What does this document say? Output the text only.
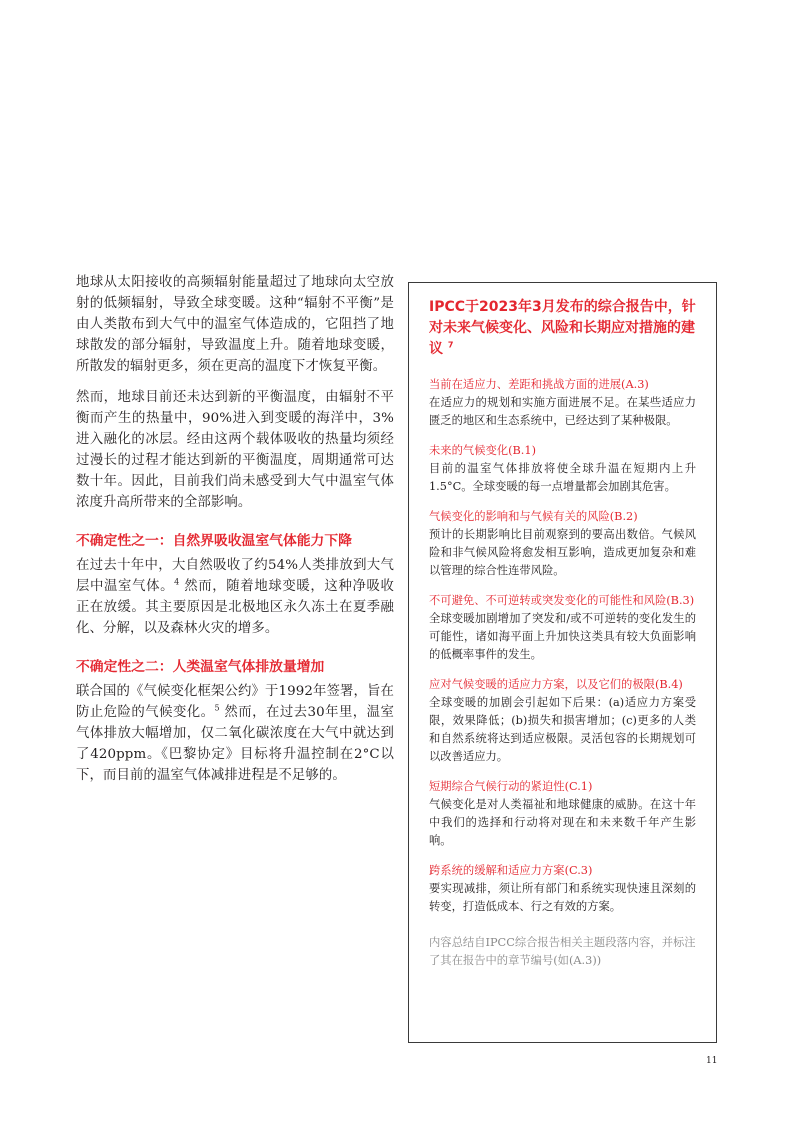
地球从太阳接收的高频辐射能量超过了地球向太空放射的低频辐射，导致全球变暖。这种“辐射不平衡”是由人类散布到大气中的温室气体造成的，它阻挡了地球散发的部分辐射，导致温度上升。随着地球变暖，所散发的辐射更多，须在更高的温度下才恢复平衡。

然而，地球目前还未达到新的平衡温度，由辐射不平衡而产生的热量中，90%进入到变暖的海洋中，3%进入融化的冰层。经由这两个载体吸收的热量均须经过漫长的过程才能达到新的平衡温度，周期通常可达数十年。因此，目前我们尚未感受到大气中温室气体浓度升高所带来的全部影响。

不确定性之一：自然界吸收温室气体能力下降

在过去十年中，大自然吸收了约54%人类排放到大气层中温室气体。$^4$ 然而，随着地球变暖，这种净吸收正在放缓。其主要原因是北极地区永久冻土在夏季融化、分解，以及森林火灾的增多。

不确定性之二：人类温室气体排放量增加

联合国的《气候变化框架公约》于1992年签署，旨在防止危险的气候变化。$^5$ 然而，在过去30年里，温室气体排放大幅增加，仅二氧化碳浓度在大气中就达到了420ppm。《巴黎协定》目标将升温控制在2°C以下，而目前的温室气体减排进程是不足够的。

IPCC于2023年3月发布的综合报告中，针对未来气候变化、风险和长期应对措施的建议 $^7$
当前在适应力、差距和挑战方面的进展(A.3)
在适应力的规划和实施方面进展不足。在某些适应力匮乏的地区和生态系统中，已经达到了某种极限。
未来的气候变化(B.1)
目前的温室气体排放将使全球升温在短期内上升1.5°C。全球变暖的每一点增量都会加剧其危害。
气候变化的影响和与气候有关的风险(B.2)
预计的长期影响比目前观察到的要高出数倍。气候风险和非气候风险将愈发相互影响，造成更加复杂和难以管理的综合性连带风险。
不可避免、不可逆转或突发变化的可能性和风险(B.3)
全球变暖加剧增加了突发和/或不可逆转的变化发生的可能性，诸如海平面上升加快这类具有较大负面影响的低概率事件的发生。
应对气候变暖的适应力方案，以及它们的极限(B.4)
全球变暖的加剧会引起如下后果：(a)适应力方案受限，效果降低；(b)损失和损害增加；(c)更多的人类和自然系统将达到适应极限。灵活包容的长期规划可以改善适应力。
短期综合气候行动的紧迫性(C.1)
气候变化是对人类福祉和地球健康的威胁。在这十年中我们的选择和行动将对现在和未来数千年产生影响。
跨系统的缓解和适应力方案(C.3)
要实现减排，须让所有部门和系统实现快速且深刻的转变，打造低成本、行之有效的方案。
内容总结自IPCC综合报告相关主题段落内容，并标注了其在报告中的章节编号(如(A.3))
11
